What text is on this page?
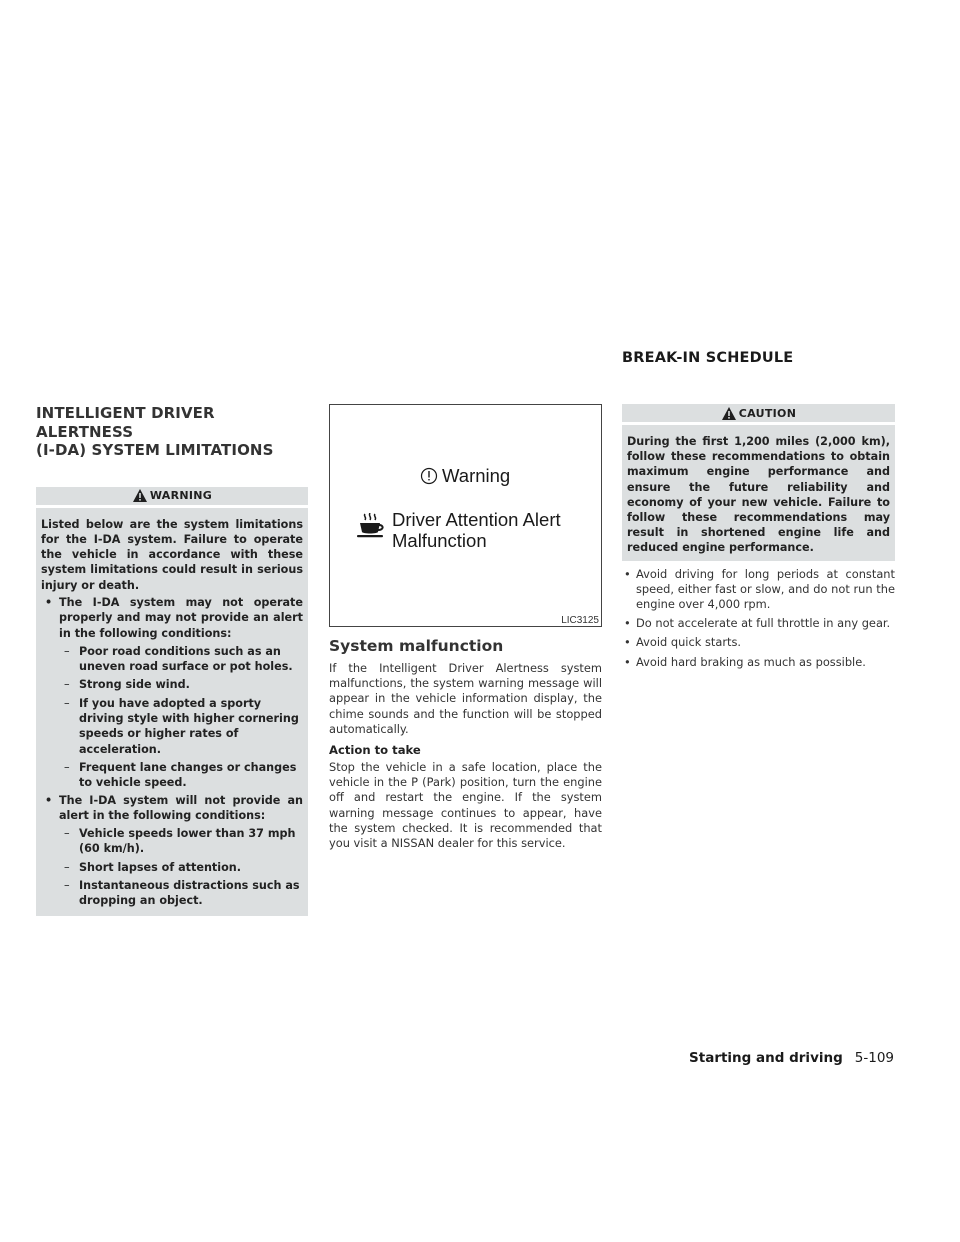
BREAK-IN SCHEDULE
INTELLIGENT DRIVER ALERTNESS
(I-DA) SYSTEM LIMITATIONS
WARNING

Listed below are the system limitations for the I-DA system. Failure to operate the vehicle in accordance with these system limitations could result in serious injury or death.

• The I-DA system may not operate properly and may not provide an alert in the following conditions:
– Poor road conditions such as an uneven road surface or pot holes.
– Strong side wind.
– If you have adopted a sporty driving style with higher cornering speeds or higher rates of acceleration.
– Frequent lane changes or changes to vehicle speed.
• The I-DA system will not provide an alert in the following conditions:
– Vehicle speeds lower than 37 mph (60 km/h).
– Short lapses of attention.
– Instantaneous distractions such as dropping an object.
Warning
Driver Attention Alert
Malfunction
LIC3125
System malfunction

If the Intelligent Driver Alertness system malfunctions, the system warning message will appear in the vehicle information display, the chime sounds and the function will be stopped automatically.

Action to take

Stop the vehicle in a safe location, place the vehicle in the P (Park) position, turn the engine off and restart the engine. If the system warning message continues to appear, have the system checked. It is recommended that you visit a NISSAN dealer for this service.

CAUTION

During the first 1,200 miles (2,000 km), follow these recommendations to obtain maximum engine performance and ensure the future reliability and economy of your new vehicle. Failure to follow these recommendations may result in shortened engine life and reduced engine performance.

• Avoid driving for long periods at constant speed, either fast or slow, and do not run the engine over 4,000 rpm.
• Do not accelerate at full throttle in any gear.
• Avoid quick starts.
• Avoid hard braking as much as possible.
Starting and driving 5-109
